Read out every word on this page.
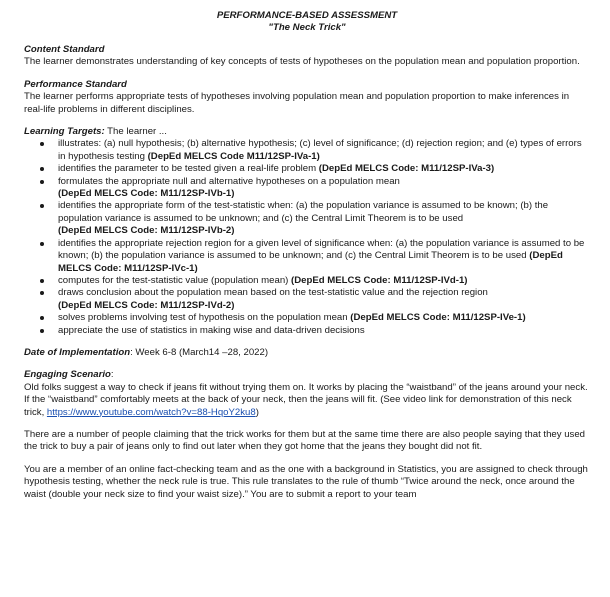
PERFORMANCE-BASED ASSESSMENT
"The Neck Trick"
Content Standard
The learner demonstrates understanding of key concepts of tests of hypotheses on the population mean and population proportion.
Performance Standard
The learner performs appropriate tests of hypotheses involving population mean and population proportion to make inferences in real-life problems in different disciplines.
Learning Targets: The learner ...
illustrates: (a) null hypothesis; (b) alternative hypothesis; (c) level of significance; (d) rejection region; and (e) types of errors in hypothesis testing (DepEd MELCS Code M11/12SP-IVa-1)
identifies the parameter to be tested given a real-life problem (DepEd MELCS Code: M11/12SP-IVa-3)
formulates the appropriate null and alternative hypotheses on a population mean
(DepEd MELCS Code: M11/12SP-IVb-1)
identifies the appropriate form of the test-statistic when: (a) the population variance is assumed to be known; (b) the population variance is assumed to be unknown; and (c) the Central Limit Theorem is to be used
(DepEd MELCS Code: M11/12SP-IVb-2)
identifies the appropriate rejection region for a given level of significance when: (a) the population variance is assumed to be known; (b) the population variance is assumed to be unknown; and (c) the Central Limit Theorem is to be used (DepEd MELCS Code: M11/12SP-IVc-1)
computes for the test-statistic value (population mean) (DepEd MELCS Code: M11/12SP-IVd-1)
draws conclusion about the population mean based on the test-statistic value and the rejection region
(DepEd MELCS Code: M11/12SP-IVd-2)
solves problems involving test of hypothesis on the population mean (DepEd MELCS Code: M11/12SP-IVe-1)
appreciate the use of statistics in making wise and data-driven decisions
Date of Implementation: Week 6-8 (March14 –28, 2022)
Engaging Scenario:
Old folks suggest a way to check if jeans fit without trying them on. It works by placing the “waistband” of the jeans around your neck. If the “waistband” comfortably meets at the back of your neck, then the jeans will fit. (See video link for demonstration of this neck trick, https://www.youtube.com/watch?v=88-HqoY2ku8)

There are a number of people claiming that the trick works for them but at the same time there are also people saying that they used the trick to buy a pair of jeans only to find out later when they got home that the jeans they bought did not fit.

You are a member of an online fact-checking team and as the one with a background in Statistics, you are assigned to check through hypothesis testing, whether the neck rule is true. This rule translates to the rule of thumb “Twice around the neck, once around the waist (double your neck size to find your waist size).” You are to submit a report to your team
